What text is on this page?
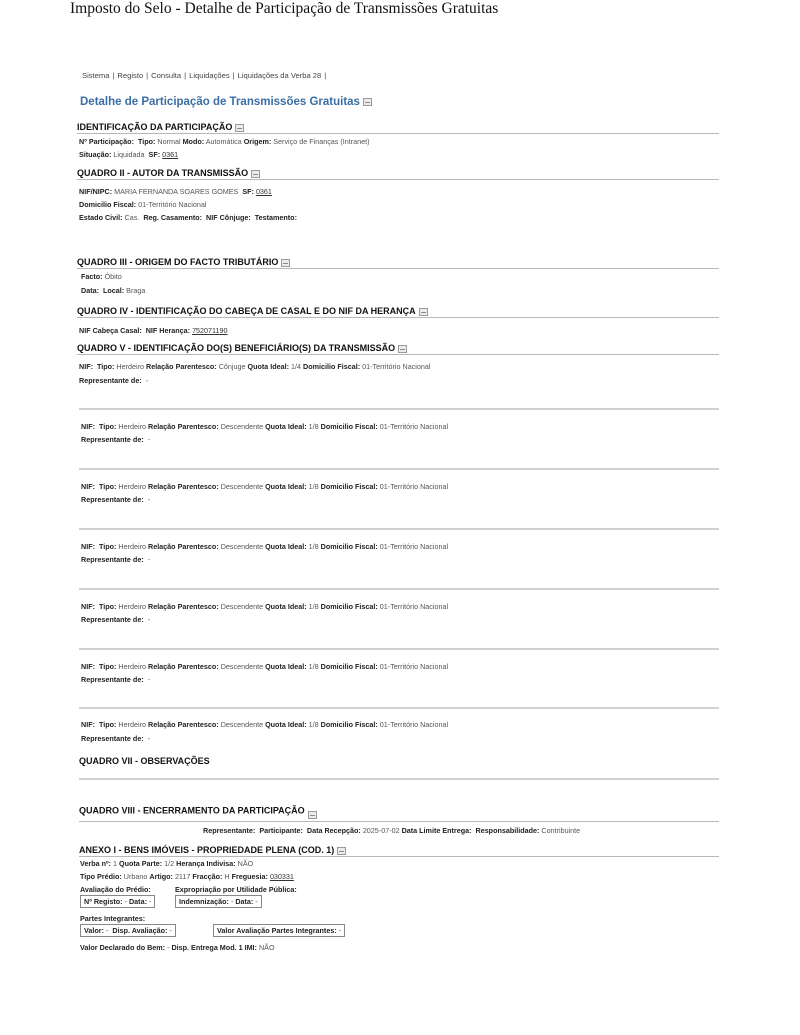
Imposto do Selo - Detalhe de Participação de Transmissões Gratuitas
Sistema | Registo | Consulta | Liquidações | Liquidações da Verba 28 |
Detalhe de Participação de Transmissões Gratuitas
IDENTIFICAÇÃO DA PARTICIPAÇÃO
Nº Participação: Tipo: Normal Modo: Automática Origem: Serviço de Finanças (Intranet)
Situação: Liquidada SF: 0361
QUADRO II - AUTOR DA TRANSMISSÃO
NIF/NIPC: MARIA FERNANDA SOARES GOMES SF: 0361
Domicilio Fiscal: 01-Território Nacional
Estado Civil: Cas. Reg. Casamento: NIF Cônjuge: Testamento:
QUADRO III - ORIGEM DO FACTO TRIBUTÁRIO
Facto: Óbito
Data: Local: Braga
QUADRO IV - IDENTIFICAÇÃO DO CABEÇA DE CASAL E DO NIF DA HERANÇA
NIF Cabeça Casal: NIF Herança: 752071190
QUADRO V - IDENTIFICAÇÃO DO(S) BENEFICIÁRIO(S) DA TRANSMISSÃO
NIF: Tipo: Herdeiro Relação Parentesco: Cônjuge Quota Ideal: 1/4 Domicilio Fiscal: 01-Território Nacional
Representante de: -
NIF: Tipo: Herdeiro Relação Parentesco: Descendente Quota Ideal: 1/8 Domicilio Fiscal: 01-Território Nacional
Representante de: -
NIF: Tipo: Herdeiro Relação Parentesco: Descendente Quota Ideal: 1/8 Domicilio Fiscal: 01-Território Nacional
Representante de: -
NIF: Tipo: Herdeiro Relação Parentesco: Descendente Quota Ideal: 1/8 Domicilio Fiscal: 01-Território Nacional
Representante de: -
NIF: Tipo: Herdeiro Relação Parentesco: Descendente Quota Ideal: 1/8 Domicilio Fiscal: 01-Território Nacional
Representante de: -
NIF: Tipo: Herdeiro Relação Parentesco: Descendente Quota Ideal: 1/8 Domicilio Fiscal: 01-Território Nacional
Representante de: -
NIF: Tipo: Herdeiro Relação Parentesco: Descendente Quota Ideal: 1/8 Domicilio Fiscal: 01-Território Nacional
Representante de: -
QUADRO VII - OBSERVAÇÕES
QUADRO VIII - ENCERRAMENTO DA PARTICIPAÇÃO
Representante: Participante: Data Recepção: 2025-07-02 Data Limite Entrega: Responsabilidade: Contribuinte
ANEXO I - BENS IMÓVEIS - PROPRIEDADE PLENA (COD. 1)
Verba nº: 1 Quota Parte: 1/2 Herança Indivisa: NÃO
Tipo Prédio: Urbano Artigo: 2117 Fracção: H Freguesia: 030331
Avaliação do Prédio:	Expropriação por Utilidade Pública:
Nº Registo: - Data: -	Indemnização: - Data: -
Partes Integrantes:
Valor: - Disp. Avaliação: -	Valor Avaliação Partes Integrantes: -
Valor Declarado do Bem: - Disp. Entrega Mod. 1 IMI: NÃO
